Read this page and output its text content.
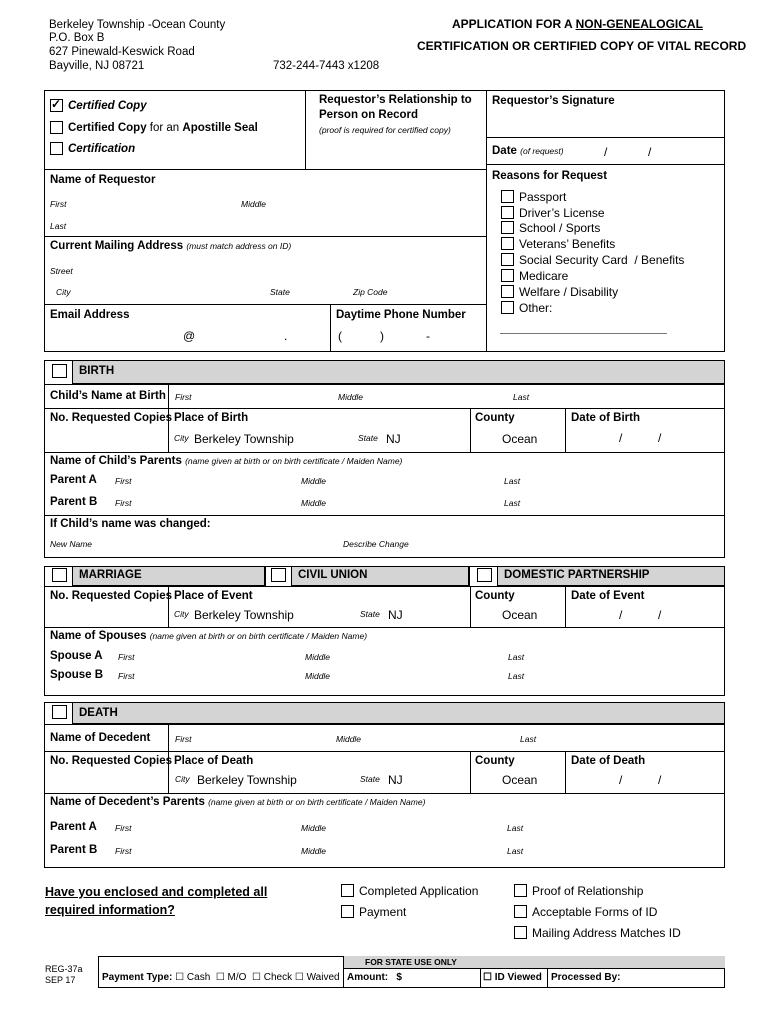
Berkeley Township -Ocean County
P.O. Box B
627 Pinewald-Keswick Road
Bayville, NJ 08721	732-244-7443 x1208
APPLICATION FOR A NON-GENEALOGICAL
CERTIFICATION OR CERTIFIED COPY OF VITAL RECORD
✓ Certified Copy
Certified Copy for an Apostille Seal
Certification
Requestor’s Relationship to
Person on Record
(proof is required for certified copy)
Requestor’s Signature
Date (of request)	/	/
Name of Requestor
First	Middle
Last
Current Mailing Address (must match address on ID)
Street
City	State	Zip Code
Email Address
@	.
Daytime Phone Number
(	)	-
Reasons for Request
Passport
Driver’s License
School / Sports
Veterans’ Benefits
Social Security Card  / Benefits
Medicare
Welfare / Disability
Other:
BIRTH
Child’s Name at Birth First	Middle	Last
No. Requested Copies Place of Birth	County	Date of Birth
City Berkeley Township	State NJ	Ocean	/	/
Name of Child’s Parents (name given at birth or on birth certificate / Maiden Name)
Parent A First	Middle	Last
Parent B First	Middle	Last
If Child’s name was changed:
New Name	Describe Change
MARRIAGE	CIVIL UNION	DOMESTIC PARTNERSHIP
No. Requested Copies Place of Event	County	Date of Event
City Berkeley Township	State NJ	Ocean	/	/
Name of Spouses (name given at birth or on birth certificate / Maiden Name)
Spouse A First	Middle	Last
Spouse B First	Middle	Last
DEATH
Name of Decedent	First	Middle	Last
No. Requested Copies Place of Death	County	Date of Death
City Berkeley Township	State NJ	Ocean	/	/
Name of Decedent’s Parents (name given at birth or on birth certificate / Maiden Name)
Parent A First	Middle	Last
Parent B First	Middle	Last
Have you enclosed and completed all
required information?
Completed Application
Payment
Proof of Relationship
Acceptable Forms of ID
Mailing Address Matches ID
REG-37a
SEP 17
FOR STATE USE ONLY
Payment Type: ☐ Cash  ☐ M/O  ☐ Check ☐ Waived Amount:   $	☐ ID Viewed Processed By:
